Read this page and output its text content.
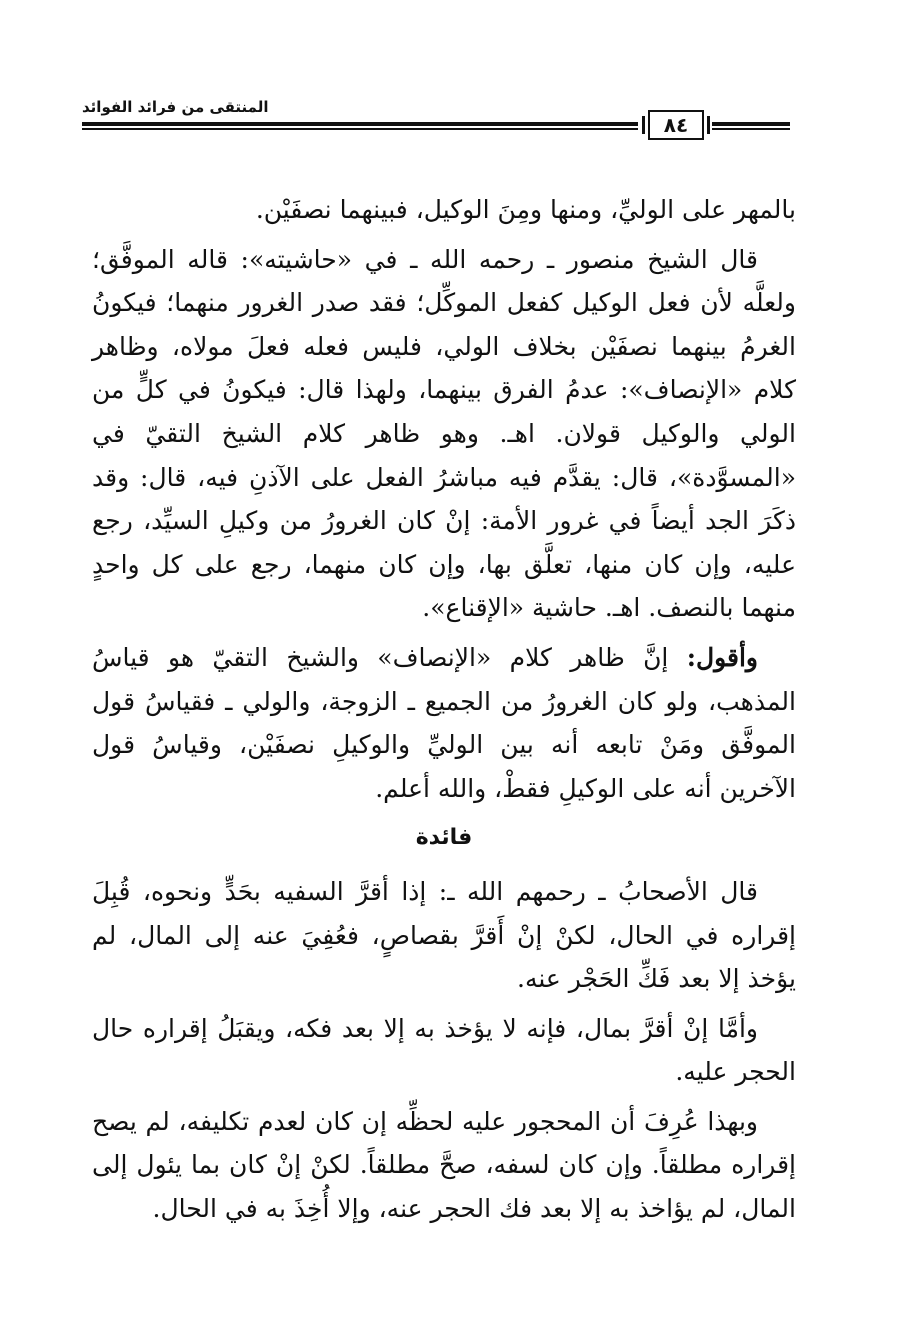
المنتقى من فرائد الفوائد
٨٤

بالمهر على الوليِّ، ومنها ومِنَ الوكيل، فبينهما نصفَيْن.

قال الشيخ منصور ـ رحمه الله ـ في «حاشيته»: قاله الموفَّق؛ ولعلَّه لأن فعل الوكيل كفعل الموكِّل؛ فقد صدر الغرور منهما؛ فيكونُ الغرمُ بينهما نصفَيْن بخلاف الولي، فليس فعله فعلَ مولاه، وظاهر كلام «الإنصاف»: عدمُ الفرق بينهما، ولهذا قال: فيكونُ في كلٍّ من الولي والوكيل قولان. اهـ. وهو ظاهر كلام الشيخ التقيّ في «المسوَّدة»، قال: يقدَّم فيه مباشرُ الفعل على الآذنِ فيه، قال: وقد ذكَرَ الجد أيضاً في غرور الأمة: إنْ كان الغرورُ من وكيلِ السيِّد، رجع عليه، وإن كان منها، تعلَّق بها، وإن كان منهما، رجع على كل واحدٍ منهما بالنصف. اهـ. حاشية «الإقناع».

وأقول: إنَّ ظاهر كلام «الإنصاف» والشيخ التقيّ هو قياسُ المذهب، ولو كان الغرورُ من الجميع ـ الزوجة، والولي ـ فقياسُ قول الموفَّق ومَنْ تابعه أنه بين الوليِّ والوكيلِ نصفَيْن، وقياسُ قول الآخرين أنه على الوكيلِ فقطْ، والله أعلم.

فائدة

قال الأصحابُ ـ رحمهم الله ـ: إذا أقرَّ السفيه بحَدٍّ ونحوه، قُبِلَ إقراره في الحال، لكنْ إنْ أَقرَّ بقصاصٍ، فعُفِيَ عنه إلى المال، لم يؤخذ إلا بعد فَكِّ الحَجْر عنه.

وأمَّا إنْ أقرَّ بمال، فإنه لا يؤخذ به إلا بعد فكه، ويقبَلُ إقراره حال الحجر عليه.

وبهذا عُرِفَ أن المحجور عليه لحظِّه إن كان لعدم تكليفه، لم يصح إقراره مطلقاً. وإن كان لسفه، صحَّ مطلقاً. لكنْ إنْ كان بما يئول إلى المال، لم يؤاخذ به إلا بعد فك الحجر عنه، وإلا أُخِذَ به في الحال.
